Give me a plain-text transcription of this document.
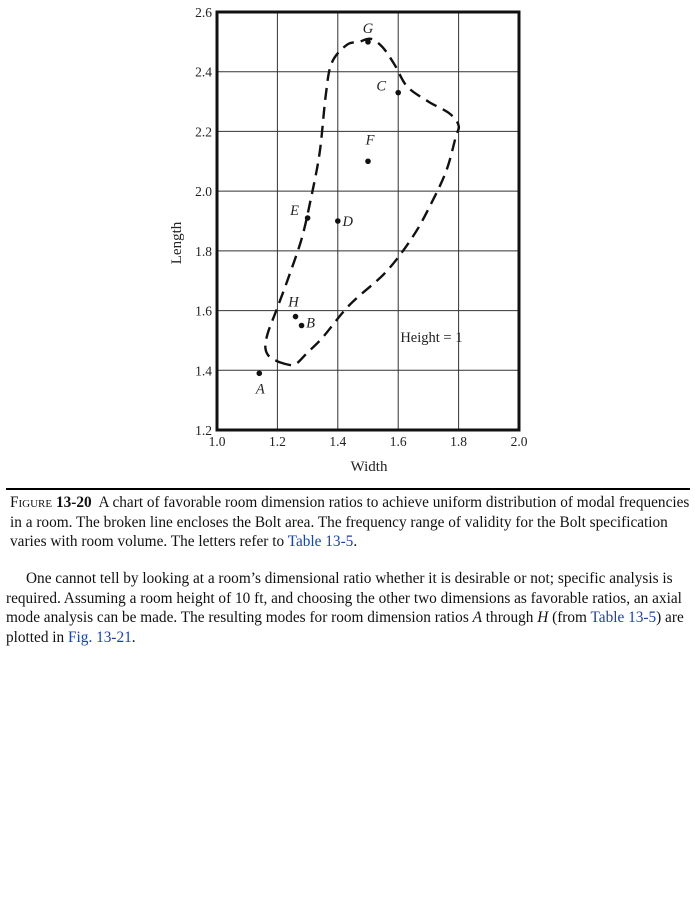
1.0	1.2	1.4	1.6	1.8	2.0
1.2
1.4
1.6
1.8
2.0
2.2
2.4
2.6
Width
Length
A
B
C
D
E
F
G
H
Height = 1
Figure 13-20 A chart of favorable room dimension ratios to achieve uniform distribution of modal frequencies in a room. The broken line encloses the Bolt area. The frequency range of validity for the Bolt specification varies with room volume. The letters refer to Table 13-5.

One cannot tell by looking at a room’s dimensional ratio whether it is desirable or not; specific analysis is required. Assuming a room height of 10 ft, and choosing the other two dimensions as favorable ratios, an axial mode analysis can be made. The resulting modes for room dimension ratios A through H (from Table 13-5) are plotted in Fig. 13-21.
